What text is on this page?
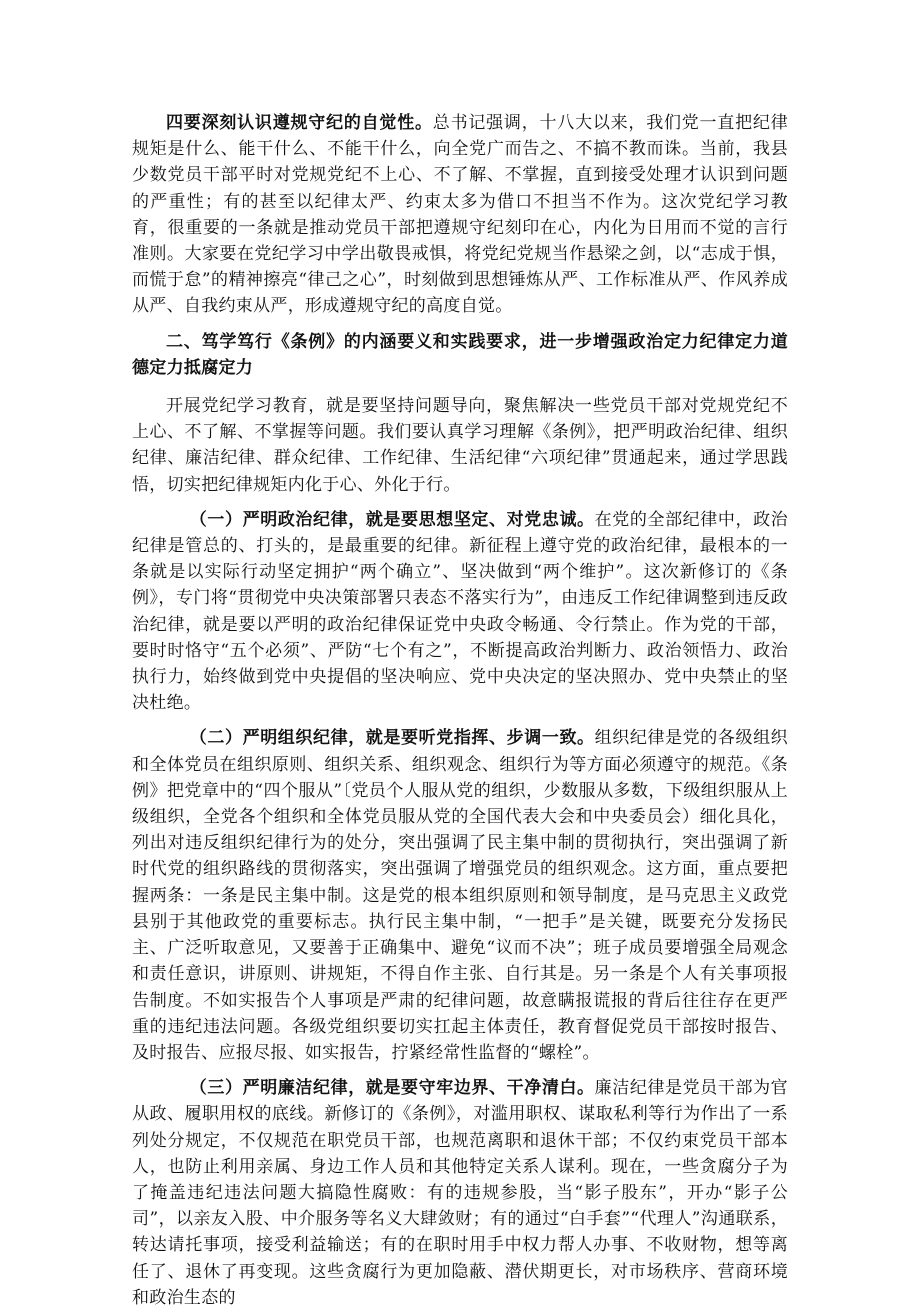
四要深刻认识遵规守纪的自觉性。总书记强调，十八大以来，我们党一直把纪律规矩是什么、能干什么、不能干什么，向全党广而告之、不搞不教而诛。当前，我县少数党员干部平时对党规党纪不上心、不了解、不掌握，直到接受处理才认识到问题的严重性；有的甚至以纪律太严、约束太多为借口不担当不作为。这次党纪学习教育，很重要的一条就是推动党员干部把遵规守纪刻印在心，内化为日用而不觉的言行准则。大家要在党纪学习中学出敬畏戒惧，将党纪党规当作悬梁之剑，以“志成于惧，而慌于怠”的精神擦亮“律己之心”，时刻做到思想锤炼从严、工作标准从严、作风养成从严、自我约束从严，形成遵规守纪的高度自觉。

二、笃学笃行《条例》的内涵要义和实践要求，进一步增强政治定力纪律定力道德定力抵腐定力

开展党纪学习教育，就是要坚持问题导向，聚焦解决一些党员干部对党规党纪不上心、不了解、不掌握等问题。我们要认真学习理解《条例》，把严明政治纪律、组织纪律、廉洁纪律、群众纪律、工作纪律、生活纪律“六项纪律”贯通起来，通过学思践悟，切实把纪律规矩内化于心、外化于行。

（一）严明政治纪律，就是要思想坚定、对党忠诚。在党的全部纪律中，政治纪律是管总的、打头的，是最重要的纪律。新征程上遵守党的政治纪律，最根本的一条就是以实际行动坚定拥护“两个确立”、坚决做到“两个维护”。这次新修订的《条例》，专门将“贯彻党中央决策部署只表态不落实行为”，由违反工作纪律调整到违反政治纪律，就是要以严明的政治纪律保证党中央政令畅通、令行禁止。作为党的干部，要时时恪守“五个必须”、严防“七个有之”，不断提高政治判断力、政治领悟力、政治执行力，始终做到党中央提倡的坚决响应、党中央决定的坚决照办、党中央禁止的坚决杜绝。

（二）严明组织纪律，就是要听党指挥、步调一致。组织纪律是党的各级组织和全体党员在组织原则、组织关系、组织观念、组织行为等方面必须遵守的规范。《条例》把党章中的“四个服从”〔党员个人服从党的组织，少数服从多数，下级组织服从上级组织，全党各个组织和全体党员服从党的全国代表大会和中央委员会）细化具化，列出对违反组织纪律行为的处分，突出强调了民主集中制的贯彻执行，突出强调了新时代党的组织路线的贯彻落实，突出强调了增强党员的组织观念。这方面，重点要把握两条：一条是民主集中制。这是党的根本组织原则和领导制度，是马克思主义政党县别于其他政党的重要标志。执行民主集中制，“一把手”是关键，既要充分发扬民主、广泛听取意见，又要善于正确集中、避免“议而不决”；班子成员要增强全局观念和责任意识，讲原则、讲规矩，不得自作主张、自行其是。另一条是个人有关事项报告制度。不如实报告个人事项是严肃的纪律问题，故意瞒报谎报的背后往往存在更严重的违纪违法问题。各级党组织要切实扛起主体责任，教育督促党员干部按时报告、及时报告、应报尽报、如实报告，拧紧经常性监督的“螺栓”。

（三）严明廉洁纪律，就是要守牢边界、干净清白。廉洁纪律是党员干部为官从政、履职用权的底线。新修订的《条例》，对滥用职权、谋取私利等行为作出了一系列处分规定，不仅规范在职党员干部，也规范离职和退休干部；不仅约束党员干部本人，也防止利用亲属、身边工作人员和其他特定关系人谋利。现在，一些贪腐分子为了掩盖违纪违法问题大搞隐性腐败：有的违规参股，当“影子股东”，开办“影子公司”，以亲友入股、中介服务等名义大肆敛财；有的通过“白手套”“代理人”沟通联系，转达请托事项，接受利益输送；有的在职时用手中权力帮人办事、不收财物，想等离任了、退休了再变现。这些贪腐行为更加隐蔽、潜伏期更长，对市场秩序、营商环境和政治生态的
